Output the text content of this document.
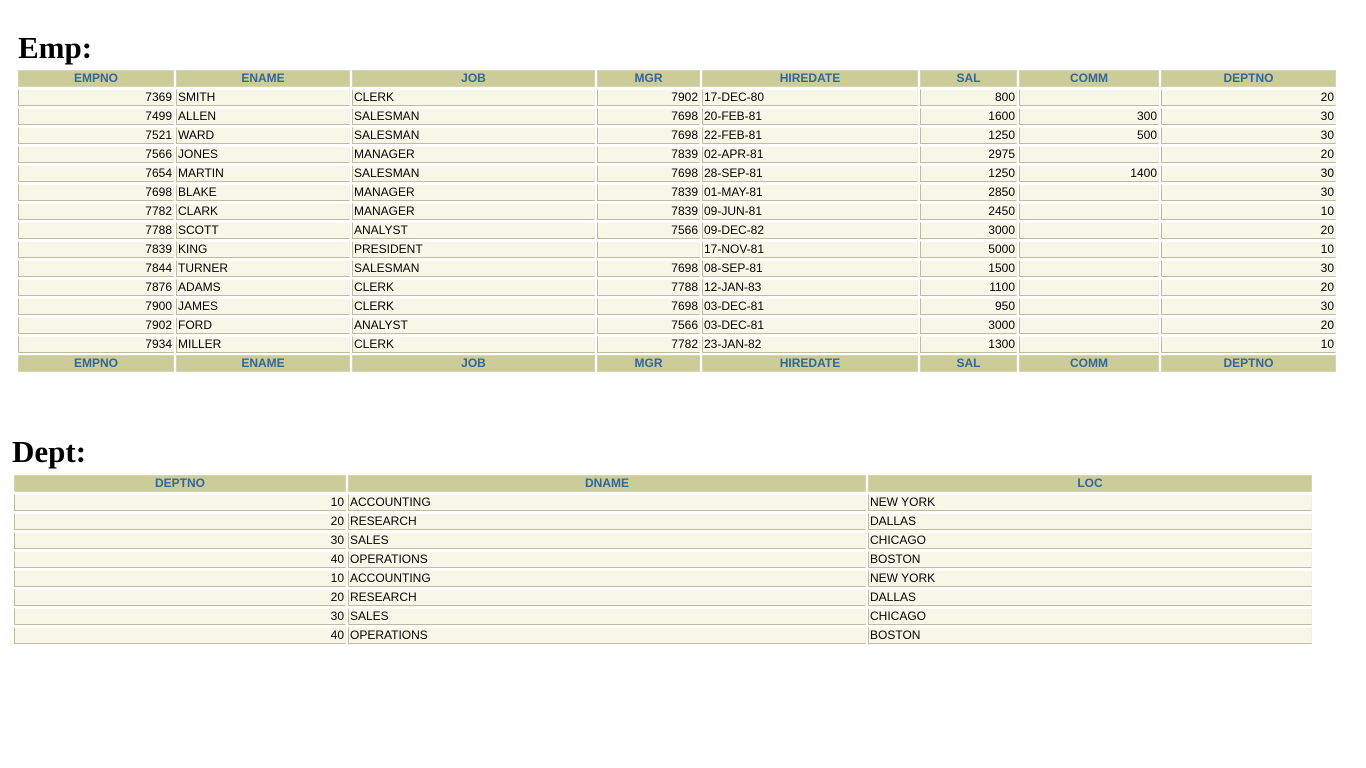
Emp:
EMPNO	ENAME	JOB	MGR	HIREDATE	SAL	COMM	DEPTNO
7369	SMITH	CLERK	7902	17-DEC-80	800		20
7499	ALLEN	SALESMAN	7698	20-FEB-81	1600	300	30
7521	WARD	SALESMAN	7698	22-FEB-81	1250	500	30
7566	JONES	MANAGER	7839	02-APR-81	2975		20
7654	MARTIN	SALESMAN	7698	28-SEP-81	1250	1400	30
7698	BLAKE	MANAGER	7839	01-MAY-81	2850		30
7782	CLARK	MANAGER	7839	09-JUN-81	2450		10
7788	SCOTT	ANALYST	7566	09-DEC-82	3000		20
7839	KING	PRESIDENT		17-NOV-81	5000		10
7844	TURNER	SALESMAN	7698	08-SEP-81	1500		30
7876	ADAMS	CLERK	7788	12-JAN-83	1100		20
7900	JAMES	CLERK	7698	03-DEC-81	950		30
7902	FORD	ANALYST	7566	03-DEC-81	3000		20
7934	MILLER	CLERK	7782	23-JAN-82	1300		10
EMPNO	ENAME	JOB	MGR	HIREDATE	SAL	COMM	DEPTNO
Dept:
DEPTNO	DNAME	LOC
10	ACCOUNTING	NEW YORK
20	RESEARCH	DALLAS
30	SALES	CHICAGO
40	OPERATIONS	BOSTON
10	ACCOUNTING	NEW YORK
20	RESEARCH	DALLAS
30	SALES	CHICAGO
40	OPERATIONS	BOSTON
